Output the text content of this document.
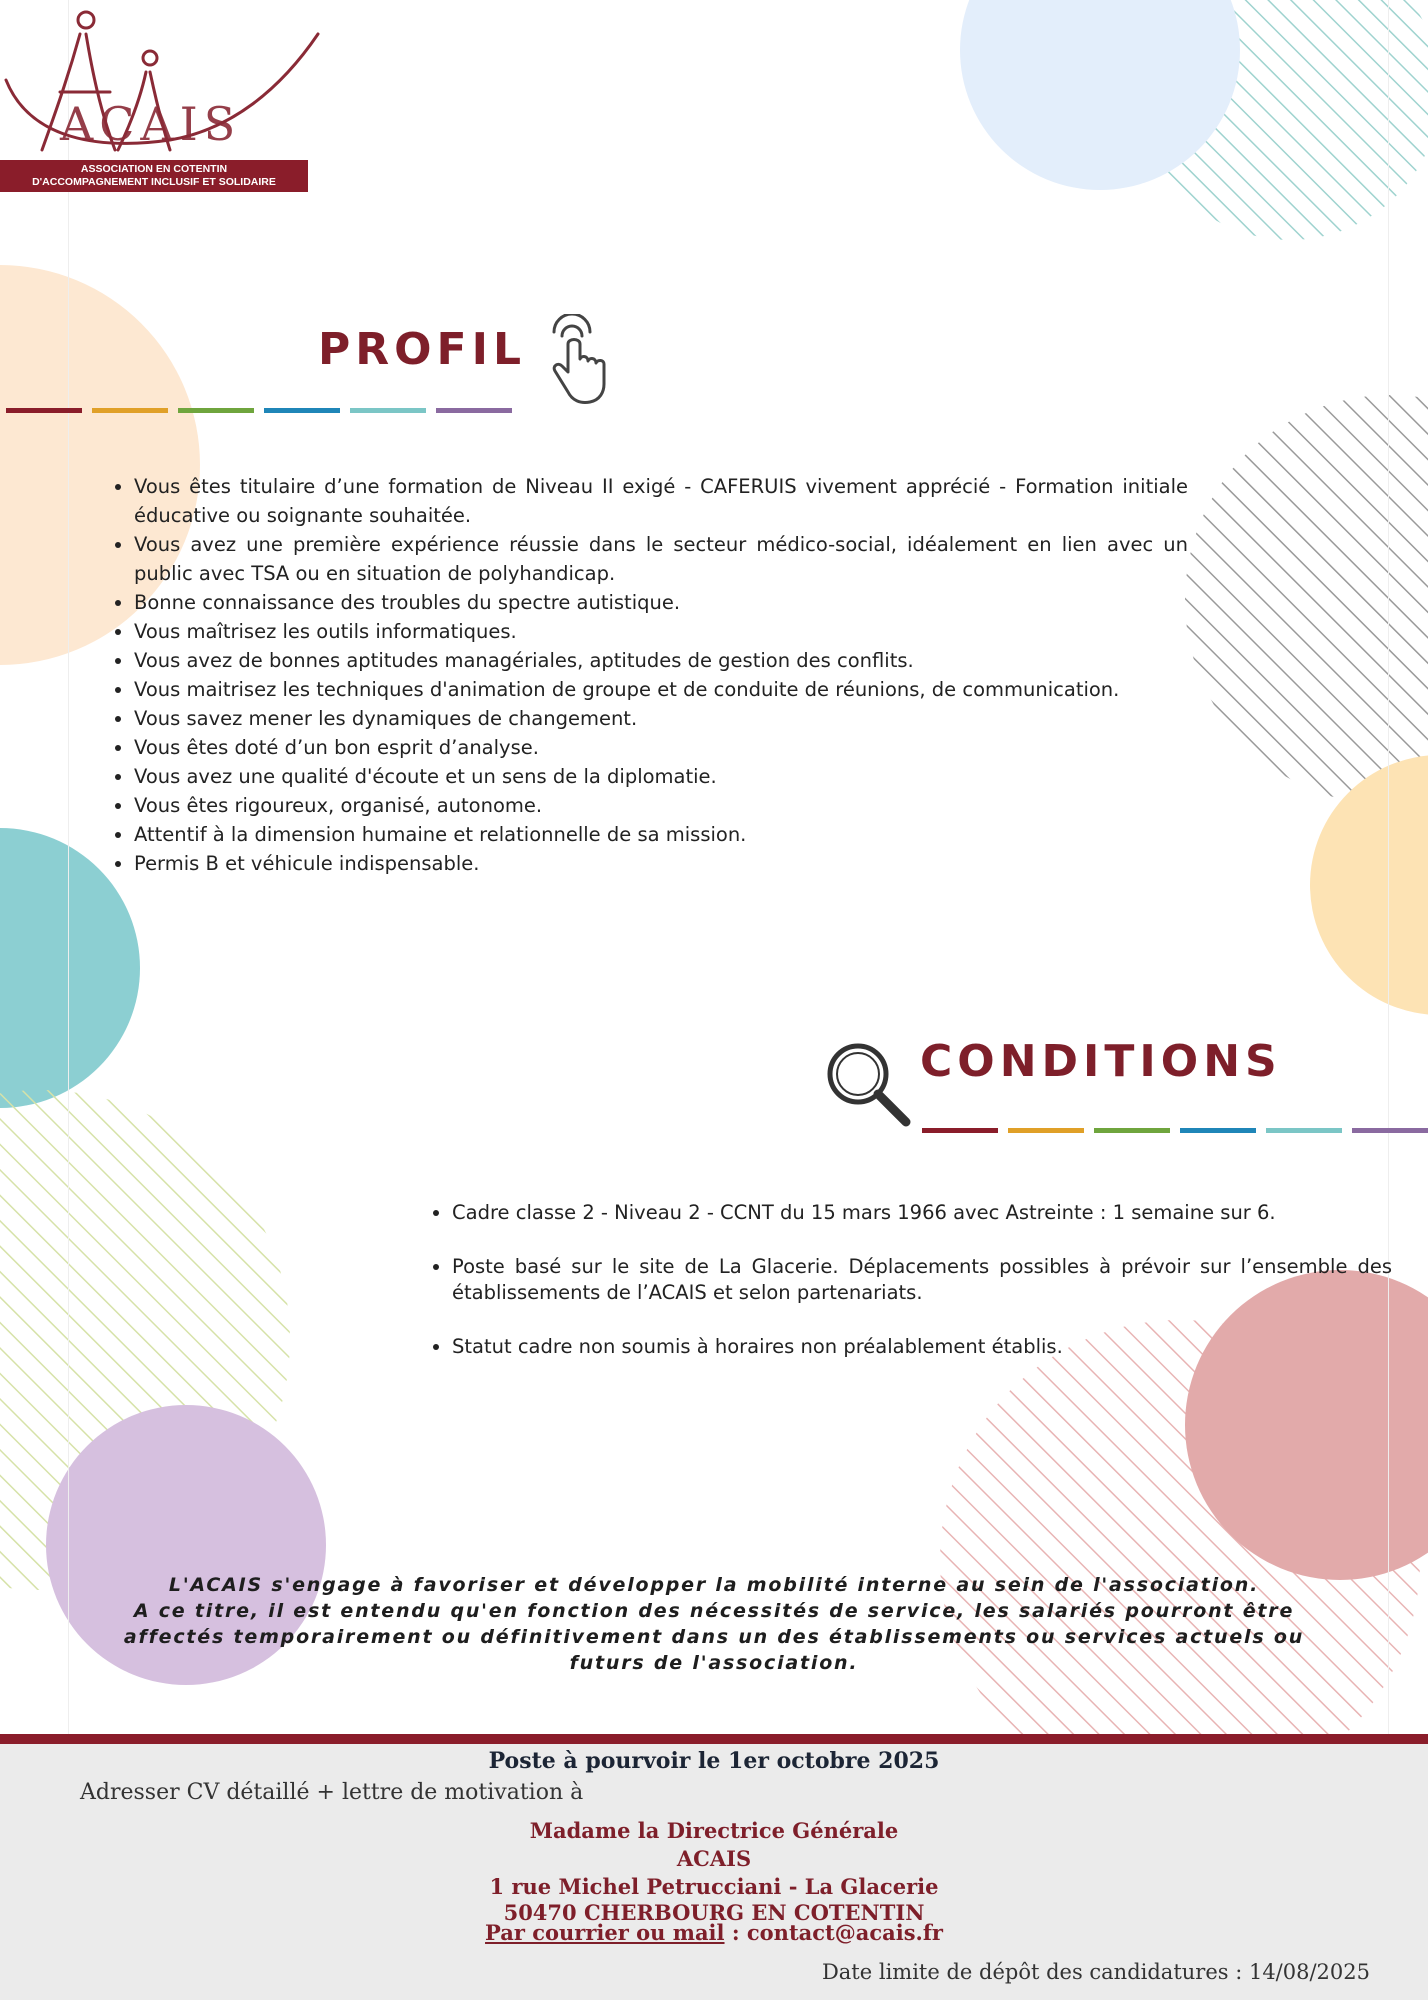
ACAIS
ASSOCIATION EN COTENTIN
D'ACCOMPAGNEMENT INCLUSIF ET SOLIDAIRE
PROFIL
• Vous êtes titulaire d’une formation de Niveau II exigé - CAFERUIS vivement apprécié - Formation initiale éducative ou soignante souhaitée.
• Vous avez une première expérience réussie dans le secteur médico-social, idéalement en lien avec un public avec TSA ou en situation de polyhandicap.
• Bonne connaissance des troubles du spectre autistique.
• Vous maîtrisez les outils informatiques.
• Vous avez de bonnes aptitudes managériales, aptitudes de gestion des conflits.
• Vous maitrisez les techniques d'animation de groupe et de conduite de réunions, de communication.
• Vous savez mener les dynamiques de changement.
• Vous êtes doté d’un bon esprit d’analyse.
• Vous avez une qualité d'écoute et un sens de la diplomatie.
• Vous êtes rigoureux, organisé, autonome.
• Attentif à la dimension humaine et relationnelle de sa mission.
• Permis B et véhicule indispensable.
CONDITIONS
• Cadre classe 2 - Niveau 2 - CCNT du 15 mars 1966 avec Astreinte : 1 semaine sur 6.
• Poste basé sur le site de La Glacerie. Déplacements possibles à prévoir sur l’ensemble des établissements de l’ACAIS et selon partenariats.
• Statut cadre non soumis à horaires non préalablement établis.
L'ACAIS s'engage à favoriser et développer la mobilité interne au sein de l'association.
A ce titre, il est entendu qu'en fonction des nécessités de service, les salariés pourront être affectés temporairement ou définitivement dans un des établissements ou services actuels ou futurs de l'association.
Poste à pourvoir le 1er octobre 2025
Adresser CV détaillé + lettre de motivation à
Madame la Directrice Générale
ACAIS
1 rue Michel Petrucciani - La Glacerie
50470 CHERBOURG EN COTENTIN
Par courrier ou mail : contact@acais.fr
Date limite de dépôt des candidatures : 14/08/2025
